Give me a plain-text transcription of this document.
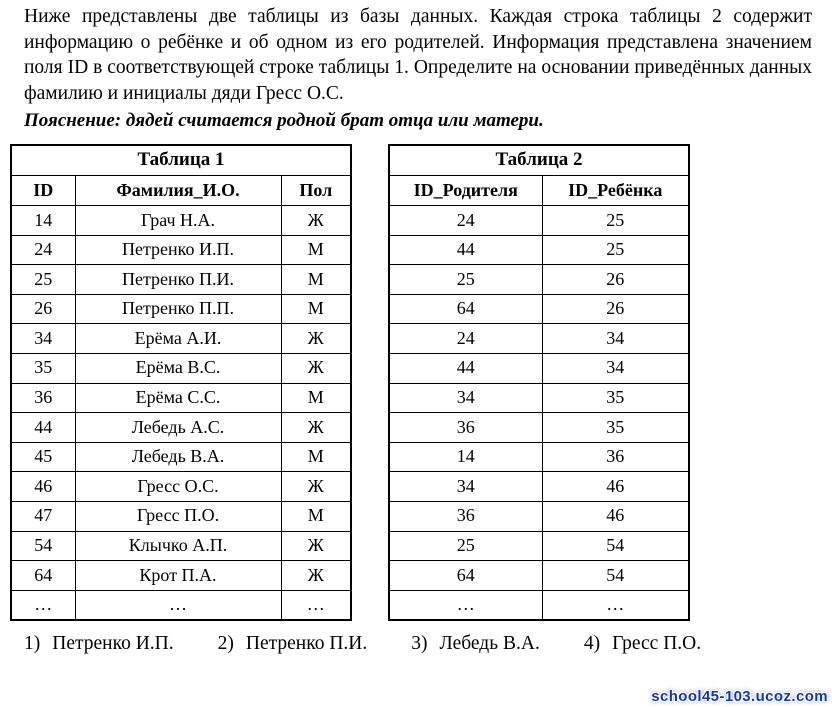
Ниже представлены две таблицы из базы данных. Каждая строка таблицы 2 содержит информацию о ребёнке и об одном из его родителей. Информация представлена значением поля ID в соответствующей строке таблицы 1. Определите на основании приведённых данных фамилию и инициалы дяди Гресс О.С.

Пояснение: дядей считается родной брат отца или матери.

Таблица 1		
ID	Фамилия_И.О.	Пол
14	Грач Н.А.	Ж
24	Петренко И.П.	М
25	Петренко П.И.	М
26	Петренко П.П.	М
34	Ерёма А.И.	Ж
35	Ерёма В.С.	Ж
36	Ерёма С.С.	М
44	Лебедь А.С.	Ж
45	Лебедь В.А.	М
46	Гресс О.С.	Ж
47	Гресс П.О.	М
54	Клычко А.П.	Ж
64	Крот П.А.	Ж
…	…	…
Таблица 2	
ID_Родителя	ID_Ребёнка
24	25
44	25
25	26
64	26
24	34
44	34
34	35
36	35
14	36
34	46
36	46
25	54
64	54
…	…
1) Петренко И.П. 2) Петренко П.И. 3) Лебедь В.А. 4) Гресс П.О.
school45-103.ucoz.com
